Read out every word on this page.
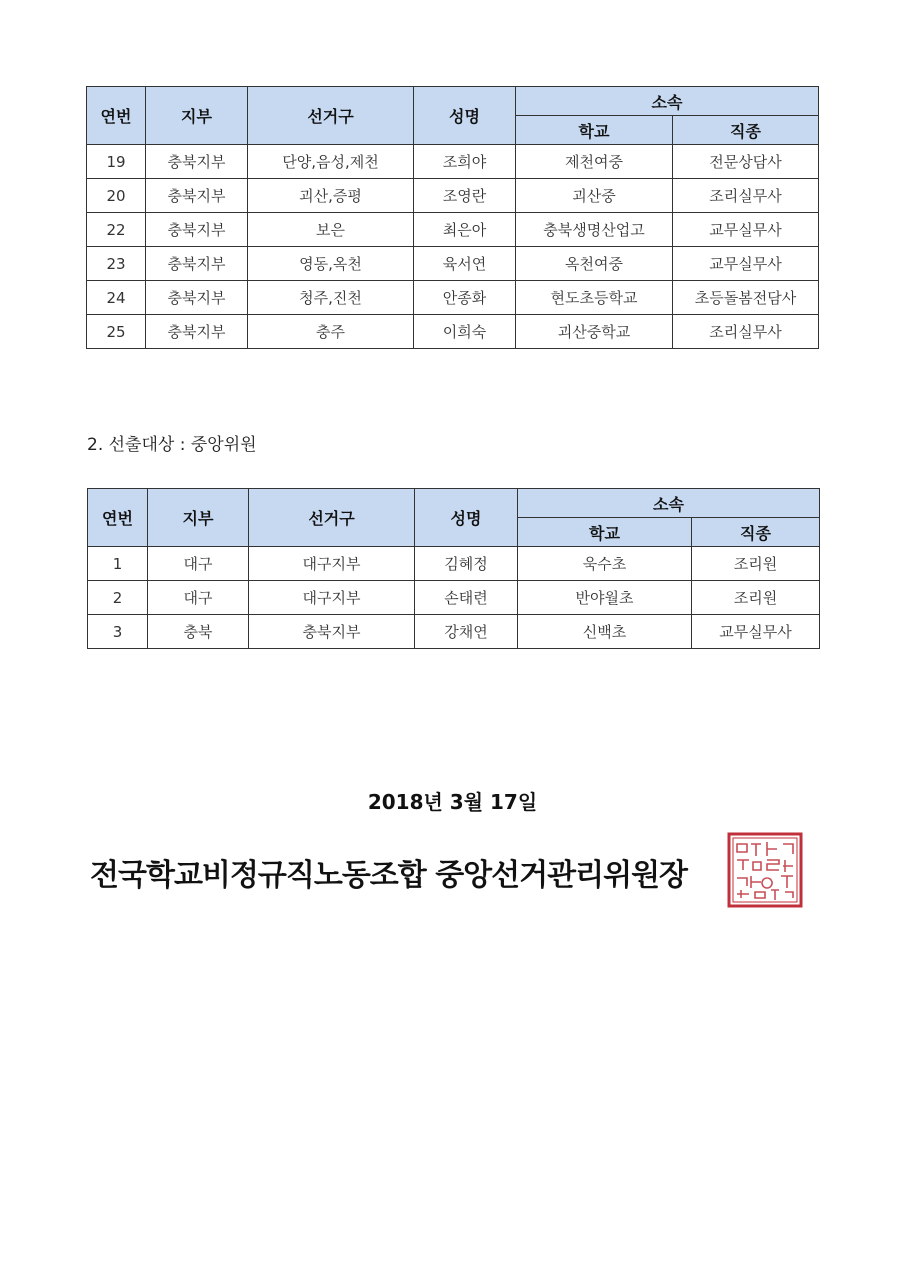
연번	지부	선거구	성명	소속	
				학교	직종
19	충북지부	단양,음성,제천	조희야	제천여중	전문상담사
20	충북지부	괴산,증평	조영란	괴산중	조리실무사
22	충북지부	보은	최은아	충북생명산업고	교무실무사
23	충북지부	영동,옥천	육서연	옥천여중	교무실무사
24	충북지부	청주,진천	안종화	현도초등학교	초등돌봄전담사
25	충북지부	충주	이희숙	괴산중학교	조리실무사

2. 선출대상 : 중앙위원

연번	지부	선거구	성명	소속	
				학교	직종
1	대구	대구지부	김혜정	욱수초	조리원
2	대구	대구지부	손태련	반야월초	조리원
3	충북	충북지부	강채연	신백초	교무실무사
2018년 3월 17일
전국학교비정규직노동조합 중앙선거관리위원장
